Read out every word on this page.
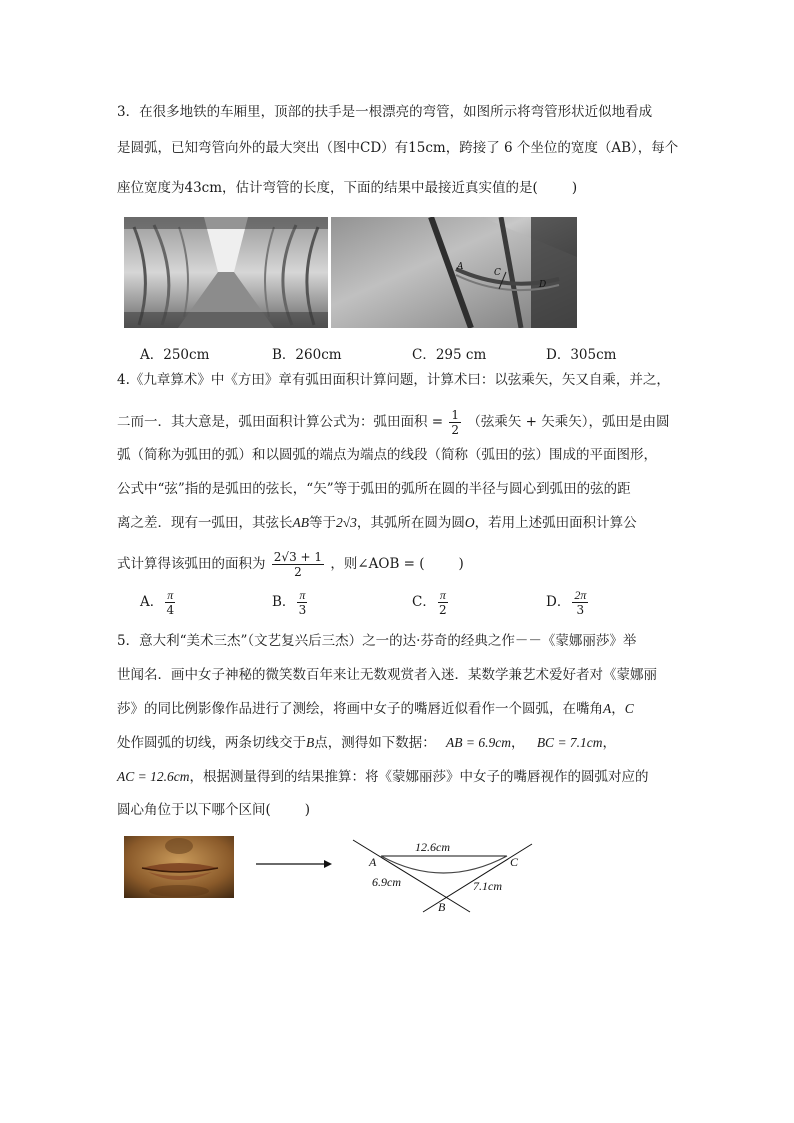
3．在很多地铁的车厢里，顶部的扶手是一根漂亮的弯管，如图所示将弯管形状近似地看成
是圆弧，已知弯管向外的最大突出（图中CD）有15cm，跨接了 6 个坐位的宽度（AB），每个
座位宽度为43cm，估计弯管的长度，下面的结果中最接近真实值的是(	)
A
C
D
A．250cm	B．260cm	C．295 cm	D．305cm
4.《九章算术》中《方田》章有弧田面积计算问题，计算术曰：以弦乘矢，矢又自乘，并之，
二而一．其大意是，弧田面积计算公式为：弧田面积 = $\frac{1}{2}$ （弦乘矢 + 矢乘矢），弧田是由圆
弧（简称为弧田的弧）和以圆弧的端点为端点的线段（简称（弧田的弦）围成的平面图形，
公式中“弦”指的是弧田的弦长，“矢”等于弧田的弧所在圆的半径与圆心到弧田的弦的距
离之差．现有一弧田，其弦长AB等于2√3，其弧所在圆为圆O，若用上述弧田面积计算公
式计算得该弧田的面积为 $\frac{2√3 + 1}{2}$ ，则∠AOB = (	)
A． $\frac{\pi}{4}$	B． $\frac{\pi}{3}$	C． $\frac{\pi}{2}$	D． $\frac{2\pi}{3}$
5．意大利“美术三杰”（文艺复兴后三杰）之一的达·芬奇的经典之作－－《蒙娜丽莎》举
世闻名．画中女子神秘的微笑数百年来让无数观赏者入迷．某数学兼艺术爱好者对《蒙娜丽
莎》的同比例影像作品进行了测绘，将画中女子的嘴唇近似看作一个圆弧，在嘴角A，C
处作圆弧的切线，两条切线交于B点，测得如下数据： AB = 6.9cm， BC = 7.1cm，
AC = 12.6cm，根据测量得到的结果推算：将《蒙娜丽莎》中女子的嘴唇视作的圆弧对应的
圆心角位于以下哪个区间(	)
12.6cm
A	C
6.9cm	7.1cm
B
